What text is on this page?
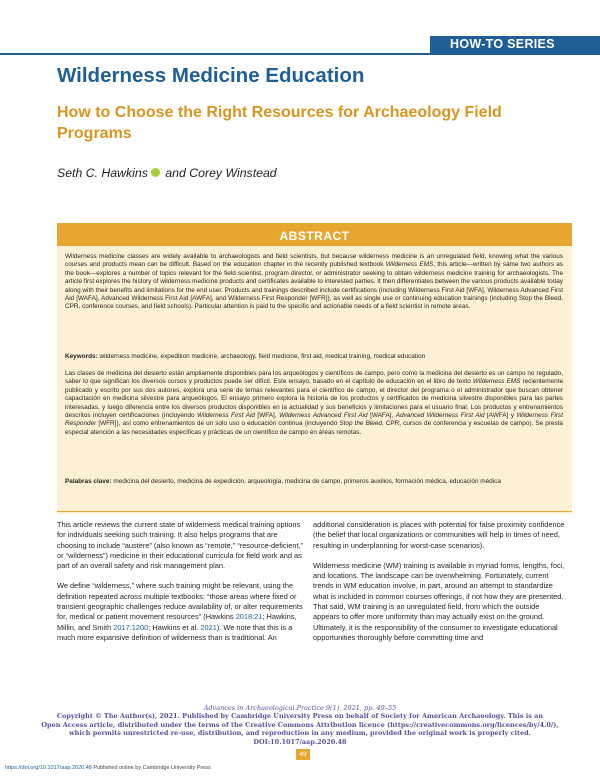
HOW-TO SERIES
Wilderness Medicine Education
How to Choose the Right Resources for Archaeology Field Programs
Seth C. Hawkins and Corey Winstead
ABSTRACT

Wilderness medicine classes are widely available to archaeologists and field scientists, but because wilderness medicine is an unregulated field, knowing what the various courses and products mean can be difficult. Based on the education chapter in the recently published textbook Wilderness EMS, this article—written by same two authors as the book—explores a number of topics relevant for the field scientist, program director, or administrator seeking to obtain wilderness medicine training for archaeologists. The article first explores the history of wilderness medicine products and certificates available to interested parties. It then differentiates between the various products available today along with their benefits and limitations for the end user. Products and trainings described include certifications (including Wilderness First Aid [WFA], Wilderness Advanced First Aid [WAFA], Advanced Wilderness First Aid [AWFA], and Wilderness First Responder [WFR]), as well as single use or continuing education trainings (including Stop the Bleed, CPR, conference courses, and field schools). Particular attention is paid to the specific and actionable needs of a field scientist in remote areas.

Keywords: wilderness medicine, expedition medicine, archaeology, field medicine, first aid, medical training, medical education

Las clases de medicina del desierto están ampliamente disponibles para los arqueólogos y científicos de campo, pero como la medicina del desierto es un campo no regulado, saber lo que significan los diversos cursos y productos puede ser difícil. Este ensayo, basado en el capítulo de educación en el libro de texto Wilderness EMS recientemente publicado y escrito por sus dos autores, explora una serie de temas relevantes para el científico de campo, el director del programa o el administrador que buscan obtener capacitación en medicina silvestre para arqueólogos. El ensayo primero explora la historia de los productos y certificados de medicina silvestre disponibles para las partes interesadas, y luego diferencia entre los diversos productos disponibles en la actualidad y sus beneficios y limitaciones para el usuario final. Los productos y entrenamientos descritos incluyen certificaciones (incluyendo Wilderness First Aid [WFA], Wilderness Advanced First Aid [WAFA], Advanced Wilderness First Aid [AWFA] y Wilderness First Responder [WFR]), así como entrenamientos de un solo uso o educación continua (incluyendo Stop the Bleed, CPR, cursos de conferencia y escuelas de campo). Se presta especial atención a las necesidades específicas y prácticas de un científico de campo en áreas remotas.

Palabras clave: medicina del desierto, medicina de expedición, arqueología, medicina de campo, primeros auxilios, formación médica, educación médica

This article reviews the current state of wilderness medical training options for individuals seeking such training. It also helps programs that are choosing to include “austere” (also known as “remote,” “resource-deficient,” or “wilderness”) medicine in their educational curricula for field work and as part of an overall safety and risk management plan.

We define “wilderness,” where such training might be relevant, using the definition repeated across multiple textbooks: “those areas where fixed or transient geographic challenges reduce availability of, or alter requirements for, medical or patient movement resources” (Hawkins 2018:21; Hawkins, Millin, and Smith 2017:1200; Hawkins et al. 2021). We note that this is a much more expansive definition of wilderness than is traditional. An

additional consideration is places with potential for false proximity confidence (the belief that local organizations or communities will help in times of need, resulting in underplanning for worst-case scenarios).

Wilderness medicine (WM) training is available in myriad forms, lengths, foci, and locations. The landscape can be overwhelming. Fortunately, current trends in WM education involve, in part, around an attempt to standardize what is included in common courses offerings, if not how they are presented. That said, WM training is an unregulated field, from which the outside appears to offer more uniformity than may actually exist on the ground. Ultimately, it is the responsibility of the consumer to investigate educational opportunities thoroughly before committing time and

Advances in Archaeological Practice 9(1), 2021, pp. 49–55
Copyright © The Author(s), 2021. Published by Cambridge University Press on behalf of Society for American Archaeology. This is an
Open Access article, distributed under the terms of the Creative Commons Attribution licence (https://creativecommons.org/licences/by/4.0/),
which permits unrestricted re-use, distribution, and reproduction in any medium, provided the original work is properly cited.
DOI:10.1017/aap.2020.48
49
https://doi.org/10.1017/aap.2020.48 Published online by Cambridge University Press
